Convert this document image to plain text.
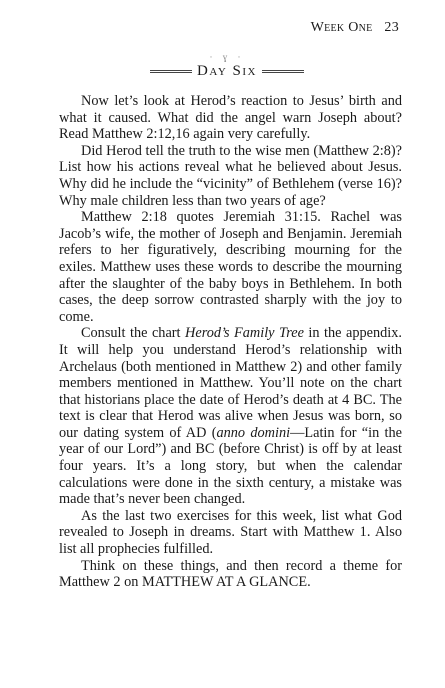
Week One 23
· ɣ ·
Day Six

Now let’s look at Herod’s reaction to Jesus’ birth and what it caused. What did the angel warn Joseph about? Read Matthew 2:12,16 again very carefully.

Did Herod tell the truth to the wise men (Matthew 2:8)? List how his actions reveal what he believed about Jesus. Why did he include the “vicinity” of Bethlehem (verse 16)? Why male children less than two years of age?

Matthew 2:18 quotes Jeremiah 31:15. Rachel was Jacob’s wife, the mother of Joseph and Benjamin. Jeremiah refers to her figuratively, describing mourning for the exiles. Matthew uses these words to describe the mourning after the slaughter of the baby boys in Bethlehem. In both cases, the deep sorrow contrasted sharply with the joy to come.

Consult the chart Herod’s Family Tree in the appendix. It will help you understand Herod’s relationship with Archelaus (both mentioned in Matthew 2) and other family members mentioned in Matthew. You’ll note on the chart that historians place the date of Herod’s death at 4 BC. The text is clear that Herod was alive when Jesus was born, so our dating system of AD (anno domini—Latin for “in the year of our Lord”) and BC (before Christ) is off by at least four years. It’s a long story, but when the calendar calculations were done in the sixth century, a mistake was made that’s never been changed.

As the last two exercises for this week, list what God revealed to Joseph in dreams. Start with Matthew 1. Also list all prophecies fulfilled.

Think on these things, and then record a theme for Matthew 2 on MATTHEW AT A GLANCE.
